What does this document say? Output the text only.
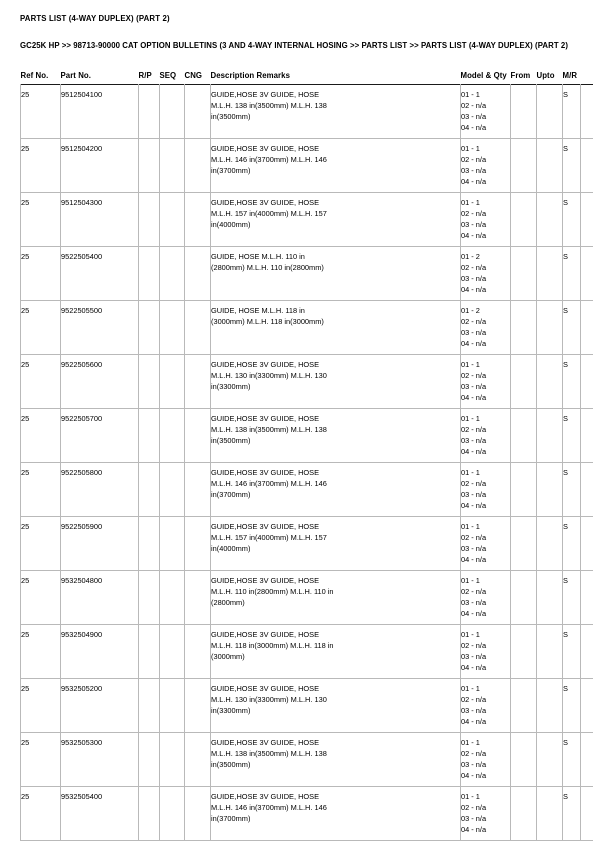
PARTS LIST (4-WAY DUPLEX) (PART 2)
GC25K HP >> 98713-90000 CAT OPTION BULLETINS (3 AND 4-WAY INTERNAL HOSING >> PARTS LIST >> PARTS LIST (4-WAY DUPLEX) (PART 2)
Ref No.	Part No.	R/P	SEQ	CNG	Description Remarks	Model & Qty	From	Upto	M/R	
25	9512504100				GUIDE,HOSE 3V GUIDE, HOSE
M.L.H. 138 in(3500mm) M.L.H. 138
in(3500mm)	01 - 1
02 - n/a
03 - n/a
04 - n/a			S	
25	9512504200				GUIDE,HOSE 3V GUIDE, HOSE
M.L.H. 146 in(3700mm) M.L.H. 146
in(3700mm)	01 - 1
02 - n/a
03 - n/a
04 - n/a			S	
25	9512504300				GUIDE,HOSE 3V GUIDE, HOSE
M.L.H. 157 in(4000mm) M.L.H. 157
in(4000mm)	01 - 1
02 - n/a
03 - n/a
04 - n/a			S	
25	9522505400				GUIDE, HOSE M.L.H. 110 in
(2800mm) M.L.H. 110 in(2800mm)	01 - 2
02 - n/a
03 - n/a
04 - n/a			S	
25	9522505500				GUIDE, HOSE M.L.H. 118 in
(3000mm) M.L.H. 118 in(3000mm)	01 - 2
02 - n/a
03 - n/a
04 - n/a			S	
25	9522505600				GUIDE,HOSE 3V GUIDE, HOSE
M.L.H. 130 in(3300mm) M.L.H. 130
in(3300mm)	01 - 1
02 - n/a
03 - n/a
04 - n/a			S	
25	9522505700				GUIDE,HOSE 3V GUIDE, HOSE
M.L.H. 138 in(3500mm) M.L.H. 138
in(3500mm)	01 - 1
02 - n/a
03 - n/a
04 - n/a			S	
25	9522505800				GUIDE,HOSE 3V GUIDE, HOSE
M.L.H. 146 in(3700mm) M.L.H. 146
in(3700mm)	01 - 1
02 - n/a
03 - n/a
04 - n/a			S	
25	9522505900				GUIDE,HOSE 3V GUIDE, HOSE
M.L.H. 157 in(4000mm) M.L.H. 157
in(4000mm)	01 - 1
02 - n/a
03 - n/a
04 - n/a			S	
25	9532504800				GUIDE,HOSE 3V GUIDE, HOSE
M.L.H. 110 in(2800mm) M.L.H. 110 in
(2800mm)	01 - 1
02 - n/a
03 - n/a
04 - n/a			S	
25	9532504900				GUIDE,HOSE 3V GUIDE, HOSE
M.L.H. 118 in(3000mm) M.L.H. 118 in
(3000mm)	01 - 1
02 - n/a
03 - n/a
04 - n/a			S	
25	9532505200				GUIDE,HOSE 3V GUIDE, HOSE
M.L.H. 130 in(3300mm) M.L.H. 130
in(3300mm)	01 - 1
02 - n/a
03 - n/a
04 - n/a			S	
25	9532505300				GUIDE,HOSE 3V GUIDE, HOSE
M.L.H. 138 in(3500mm) M.L.H. 138
in(3500mm)	01 - 1
02 - n/a
03 - n/a
04 - n/a			S	
25	9532505400				GUIDE,HOSE 3V GUIDE, HOSE
M.L.H. 146 in(3700mm) M.L.H. 146
in(3700mm)	01 - 1
02 - n/a
03 - n/a
04 - n/a			S	
